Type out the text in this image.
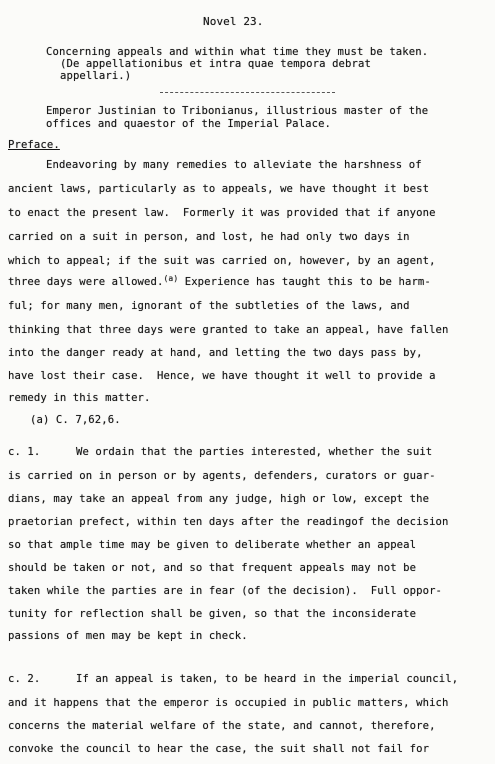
Novel 23.
Concerning appeals and within what time they must be taken.
(De appellationibus et intra quae tempora debrat
appellari.)
Emperor Justinian to Tribonianus, illustrious master of the
offices and quaestor of the Imperial Palace.
Preface.
Endeavoring by many remedies to alleviate the harshness of
ancient laws, particularly as to appeals, we have thought it best
to enact the present law.  Formerly it was provided that if anyone
carried on a suit in person, and lost, he had only two days in
which to appeal; if the suit was carried on, however, by an agent,
three days were allowed.$^{(a)}$ Experience has taught this to be harm-
ful; for many men, ignorant of the subtleties of the laws, and
thinking that three days were granted to take an appeal, have fallen
into the danger ready at hand, and letting the two days pass by,
have lost their case.  Hence, we have thought it well to provide a
remedy in this matter.
(a) C. 7,62,6.
c. 1.	We ordain that the parties interested, whether the suit
is carried on in person or by agents, defenders, curators or guar-
dians, may take an appeal from any judge, high or low, except the
praetorian prefect, within ten days after the readingof the decision
so that ample time may be given to deliberate whether an appeal
should be taken or not, and so that frequent appeals may not be
taken while the parties are in fear (of the decision).  Full oppor-
tunity for reflection shall be given, so that the inconsiderate
passions of men may be kept in check.
c. 2.	If an appeal is taken, to be heard in the imperial council,
and it happens that the emperor is occupied in public matters, which
concerns the material welfare of the state, and cannot, therefore,
convoke the council to hear the case, the suit shall not fail for
